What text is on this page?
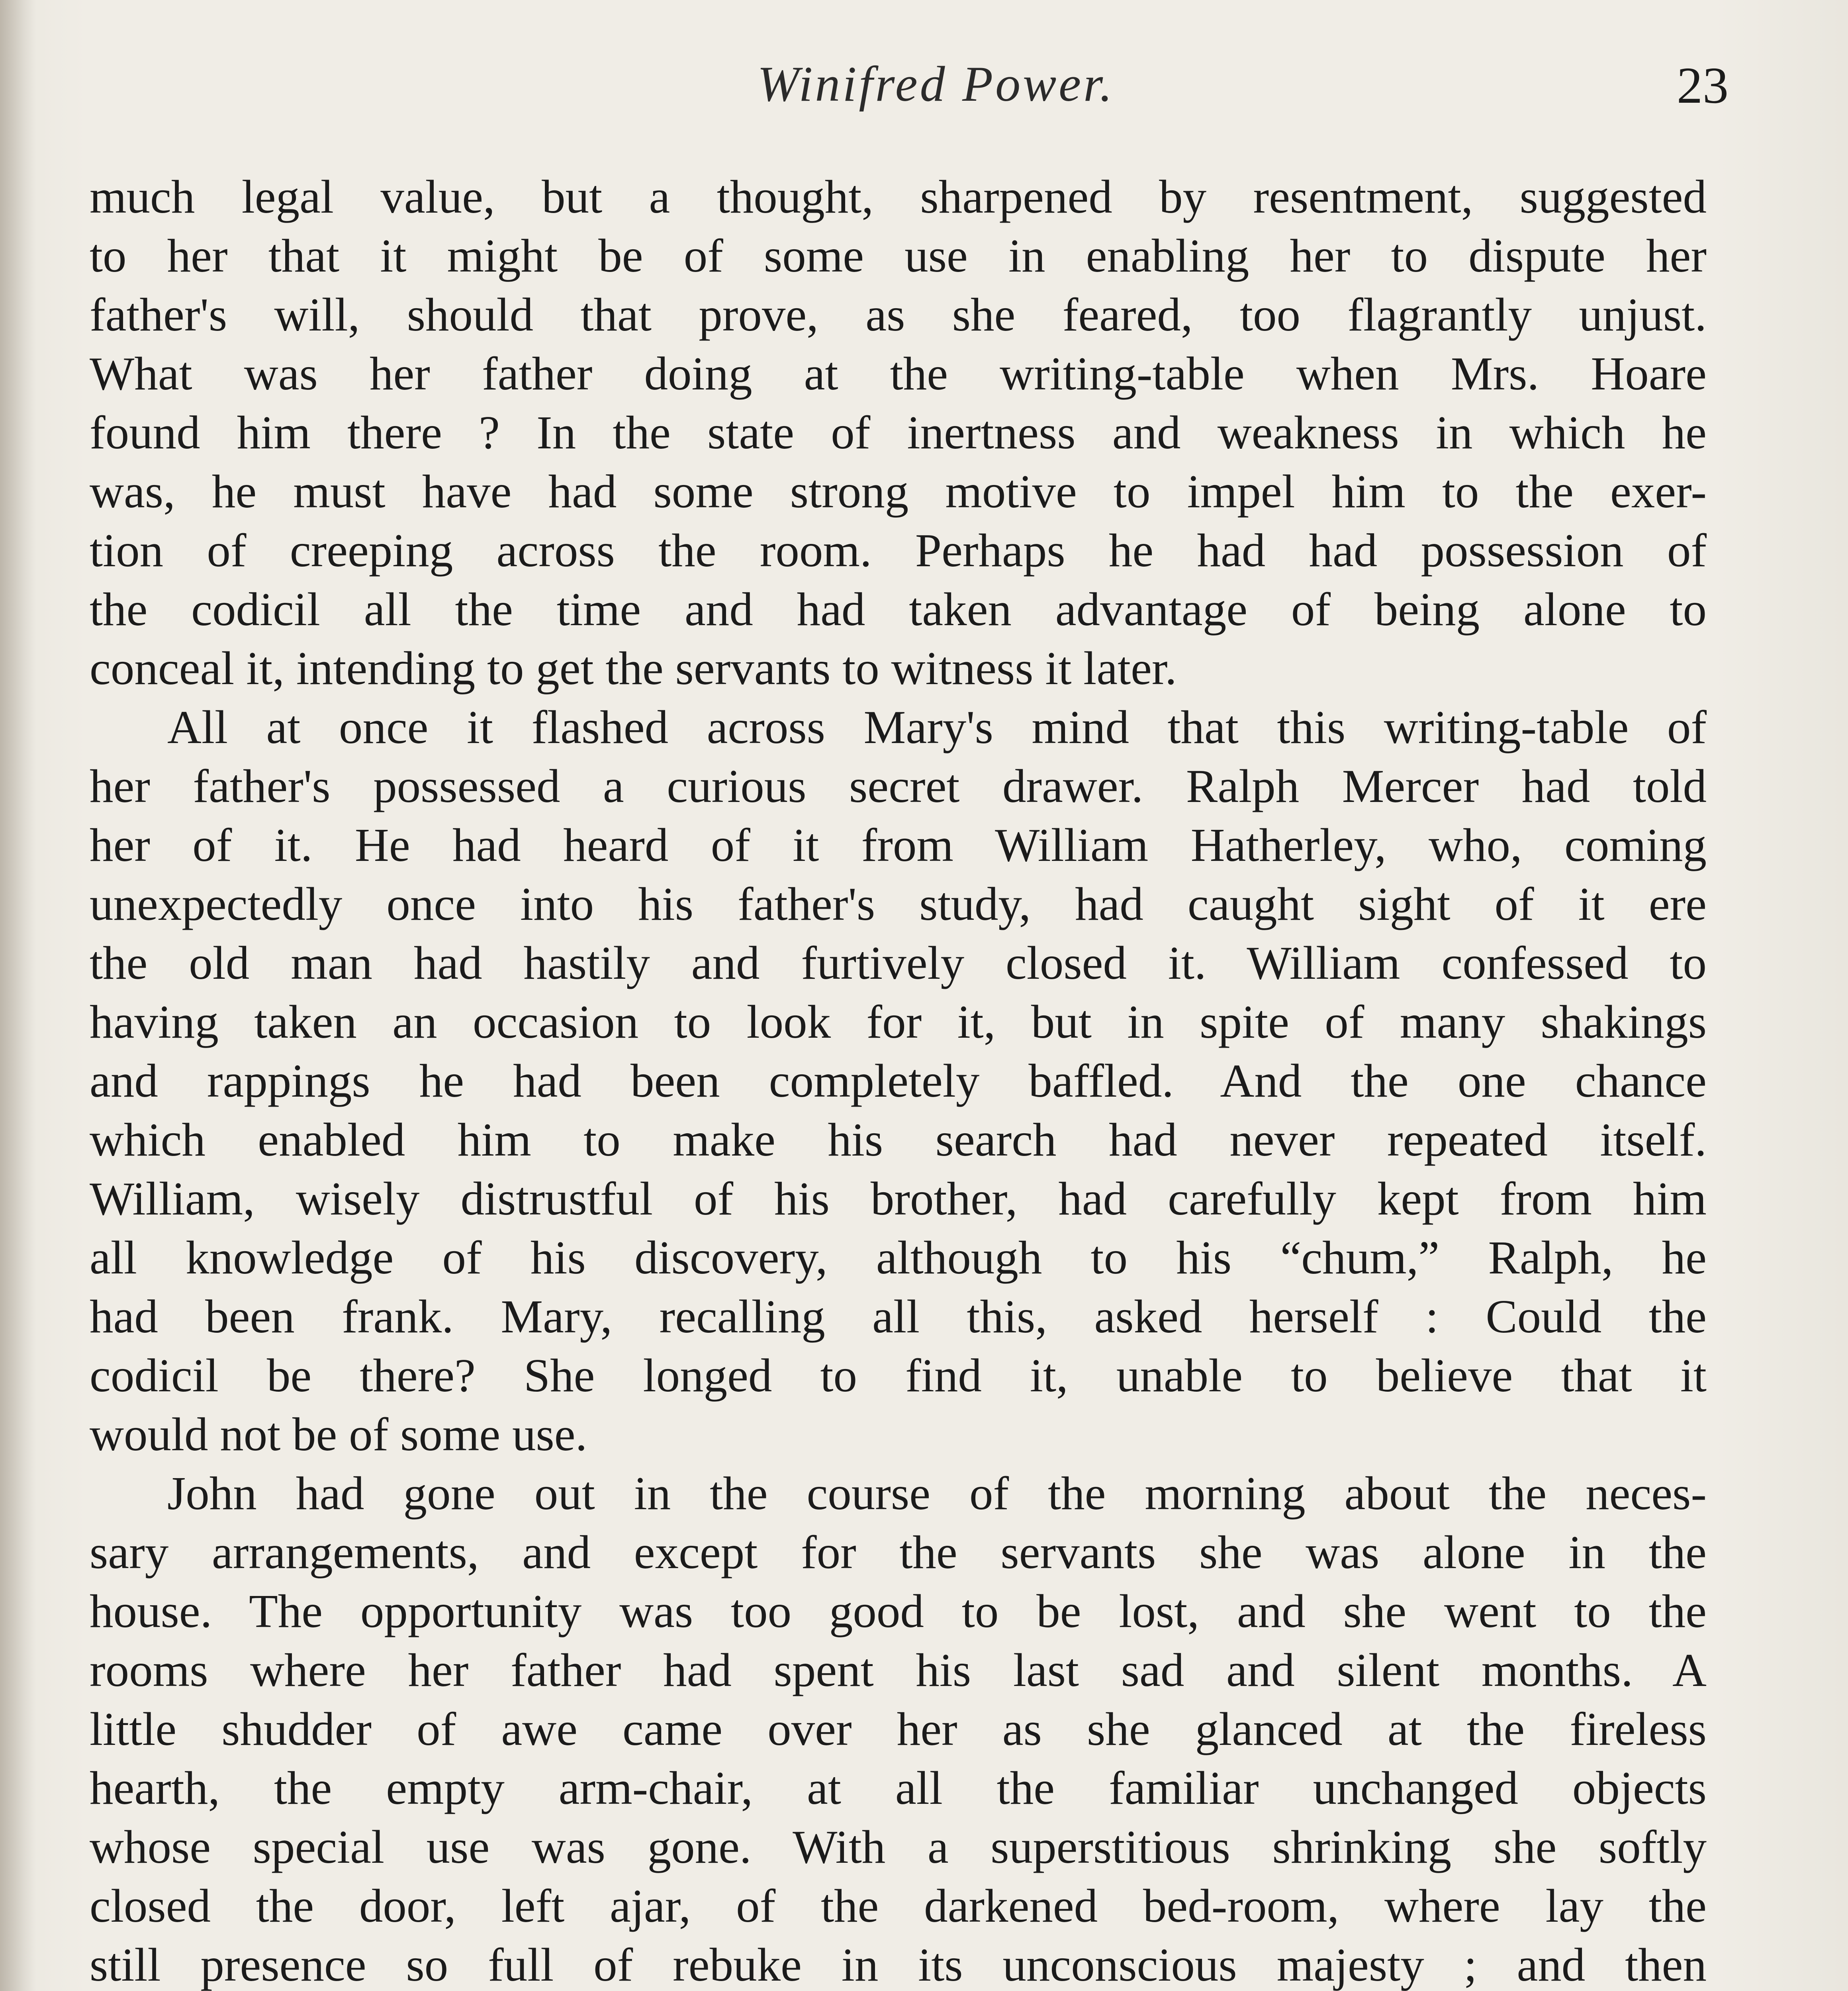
Winifred Power.	23
much legal value, but a thought, sharpened by resentment, suggested
to her that it might be of some use in enabling her to dispute her
father's will, should that prove, as she feared, too flagrantly unjust.
What was her father doing at the writing-table when Mrs. Hoare
found him there ? In the state of inertness and weakness in which he
was, he must have had some strong motive to impel him to the exer-
tion of creeping across the room. Perhaps he had had possession of
the codicil all the time and had taken advantage of being alone to
conceal it, intending to get the servants to witness it later.
All at once it flashed across Mary's mind that this writing-table of
her father's possessed a curious secret drawer. Ralph Mercer had told
her of it. He had heard of it from William Hatherley, who, coming
unexpectedly once into his father's study, had caught sight of it ere
the old man had hastily and furtively closed it. William confessed to
having taken an occasion to look for it, but in spite of many shakings
and rappings he had been completely baffled. And the one chance
which enabled him to make his search had never repeated itself.
William, wisely distrustful of his brother, had carefully kept from him
all knowledge of his discovery, although to his “chum,” Ralph, he
had been frank. Mary, recalling all this, asked herself : Could the
codicil be there? She longed to find it, unable to believe that it
would not be of some use.
John had gone out in the course of the morning about the neces-
sary arrangements, and except for the servants she was alone in the
house. The opportunity was too good to be lost, and she went to the
rooms where her father had spent his last sad and silent months. A
little shudder of awe came over her as she glanced at the fireless
hearth, the empty arm-chair, at all the familiar unchanged objects
whose special use was gone. With a superstitious shrinking she softly
closed the door, left ajar, of the darkened bed-room, where lay the
still presence so full of rebuke in its unconscious majesty ; and then
